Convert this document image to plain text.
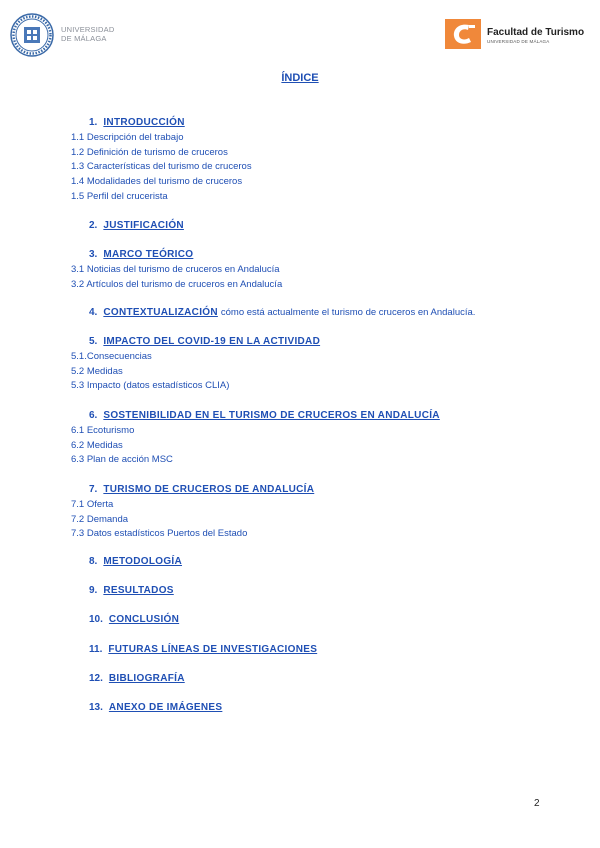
UNIVERSIDAD
DE MÁLAGA
Facultad de Turismo
UNIVERSIDAD DE MÁLAGA
ÍNDICE
1. INTRODUCCIÓN
1.1 Descripción del trabajo
1.2 Definición de turismo de cruceros
1.3 Características del turismo de cruceros
1.4 Modalidades del turismo de cruceros
1.5 Perfil del crucerista
2. JUSTIFICACIÓN
3. MARCO TEÓRICO
3.1 Noticias del turismo de cruceros en Andalucía
3.2 Artículos del turismo de cruceros en Andalucía
4. CONTEXTUALIZACIÓN cómo está actualmente el turismo de cruceros en Andalucía.
5. IMPACTO DEL COVID-19 EN LA ACTIVIDAD
5.1.Consecuencias
5.2 Medidas
5.3 Impacto (datos estadísticos CLIA)
6. SOSTENIBILIDAD EN EL TURISMO DE CRUCEROS EN ANDALUCÍA
6.1 Ecoturismo
6.2 Medidas
6.3 Plan de acción MSC
7. TURISMO DE CRUCEROS DE ANDALUCÍA
7.1 Oferta
7.2 Demanda
7.3 Datos estadísticos Puertos del Estado
8. METODOLOGÍA
9. RESULTADOS
10. CONCLUSIÓN
11. FUTURAS LÍNEAS DE INVESTIGACIONES
12. BIBLIOGRAFÍA
13. ANEXO DE IMÁGENES
2
